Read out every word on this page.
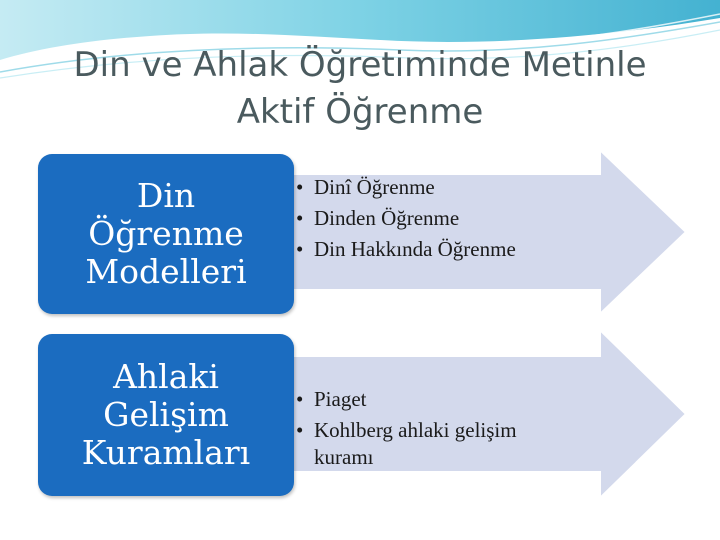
Din ve Ahlak Öğretiminde Metinle
Aktif Öğrenme
Din
Öğrenme
Modelleri
• Dinî Öğrenme
• Dinden Öğrenme
• Din Hakkında Öğrenme
Ahlaki
Gelişim
Kuramları
• Piaget
• Kohlberg ahlaki gelişim kuramı
